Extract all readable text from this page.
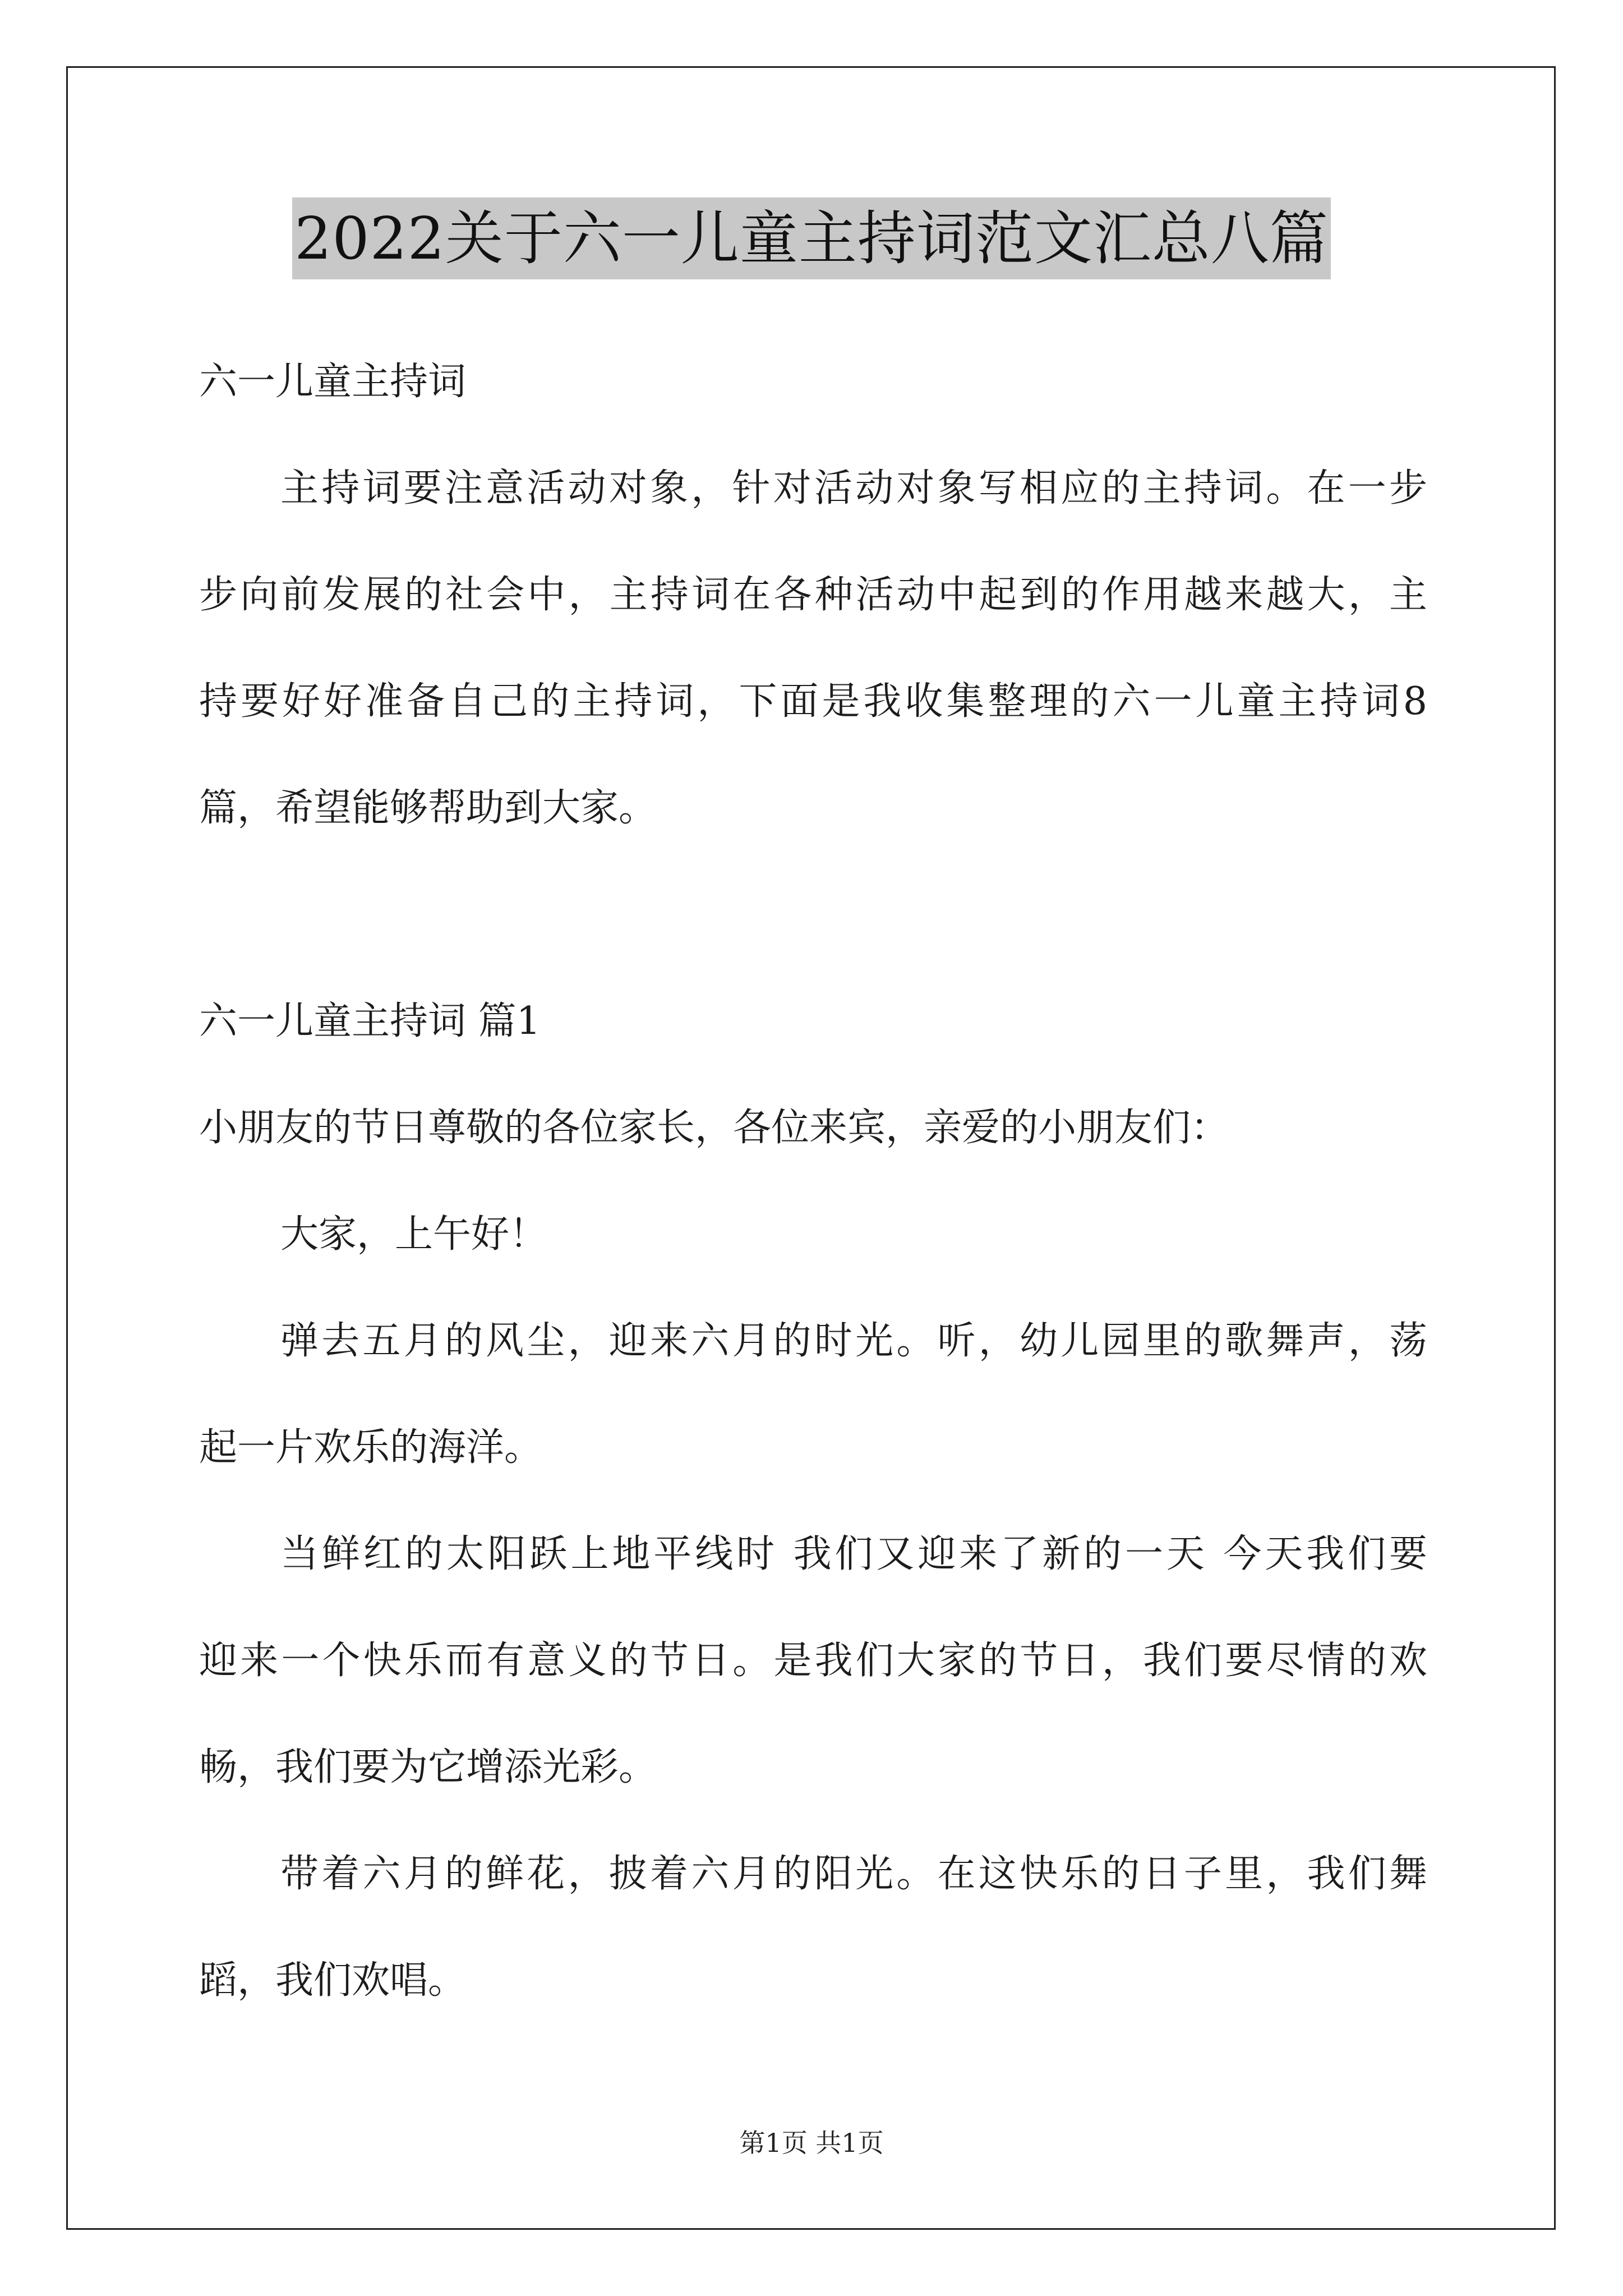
2022关于六一儿童主持词范文汇总八篇
六一儿童主持词
主持词要注意活动对象，针对活动对象写相应的主持词。在一步
步向前发展的社会中，主持词在各种活动中起到的作用越来越大，主
持要好好准备自己的主持词，下面是我收集整理的六一儿童主持词8
篇，希望能够帮助到大家。
六一儿童主持词 篇1
小朋友的节日尊敬的各位家长，各位来宾，亲爱的小朋友们：
大家，上午好！
弹去五月的风尘，迎来六月的时光。听，幼儿园里的歌舞声，荡
起一片欢乐的海洋。
当鲜红的太阳跃上地平线时 我们又迎来了新的一天 今天我们要
迎来一个快乐而有意义的节日。是我们大家的节日，我们要尽情的欢
畅，我们要为它增添光彩。
带着六月的鲜花，披着六月的阳光。在这快乐的日子里，我们舞
蹈，我们欢唱。
第1页 共1页
